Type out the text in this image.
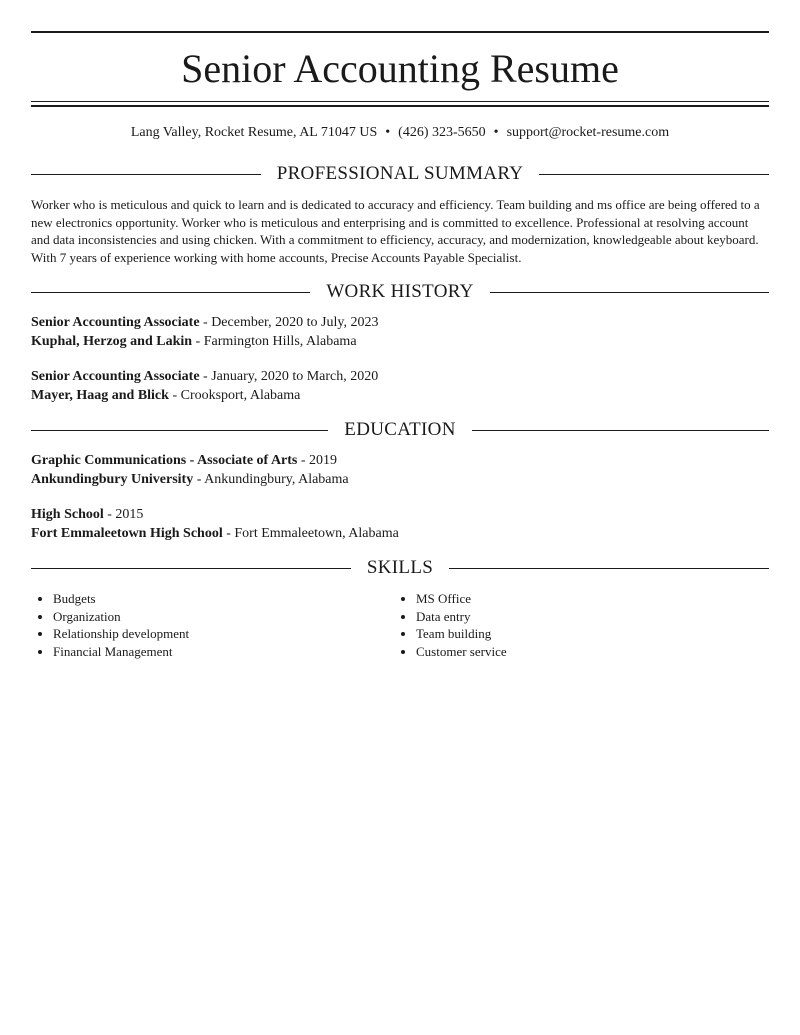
Senior Accounting Resume
Lang Valley, Rocket Resume, AL 71047 US • (426) 323-5650 • support@rocket-resume.com
PROFESSIONAL SUMMARY

Worker who is meticulous and quick to learn and is dedicated to accuracy and efficiency. Team building and ms office are being offered to a new electronics opportunity. Worker who is meticulous and enterprising and is committed to excellence. Professional at resolving account and data inconsistencies and using chicken. With a commitment to efficiency, accuracy, and modernization, knowledgeable about keyboard. With 7 years of experience working with home accounts, Precise Accounts Payable Specialist.

WORK HISTORY
Senior Accounting Associate - December, 2020 to July, 2023
Kuphal, Herzog and Lakin - Farmington Hills, Alabama
Senior Accounting Associate - January, 2020 to March, 2020
Mayer, Haag and Blick - Crooksport, Alabama
EDUCATION
Graphic Communications - Associate of Arts - 2019
Ankundingbury University - Ankundingbury, Alabama
High School - 2015
Fort Emmaleetown High School - Fort Emmaleetown, Alabama
SKILLS
• Budgets
• Organization
• Relationship development
• Financial Management
• MS Office
• Data entry
• Team building
• Customer service
